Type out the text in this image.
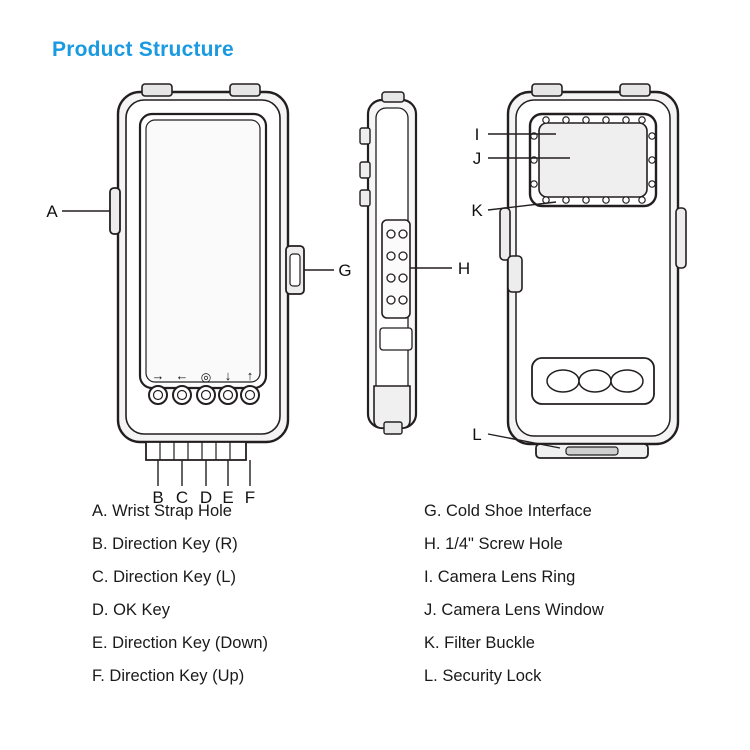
Product Structure
→ ← ◎ ↓ ↑
A
G
B C D E F
H
I
J
K
L
A. Wrist Strap Hole
B. Direction Key (R)
C. Direction Key (L)
D. OK Key
E. Direction Key (Down)
F. Direction Key (Up)
G. Cold Shoe Interface
H. 1/4" Screw Hole
I. Camera Lens Ring
J. Camera Lens Window
K. Filter Buckle
L. Security Lock
